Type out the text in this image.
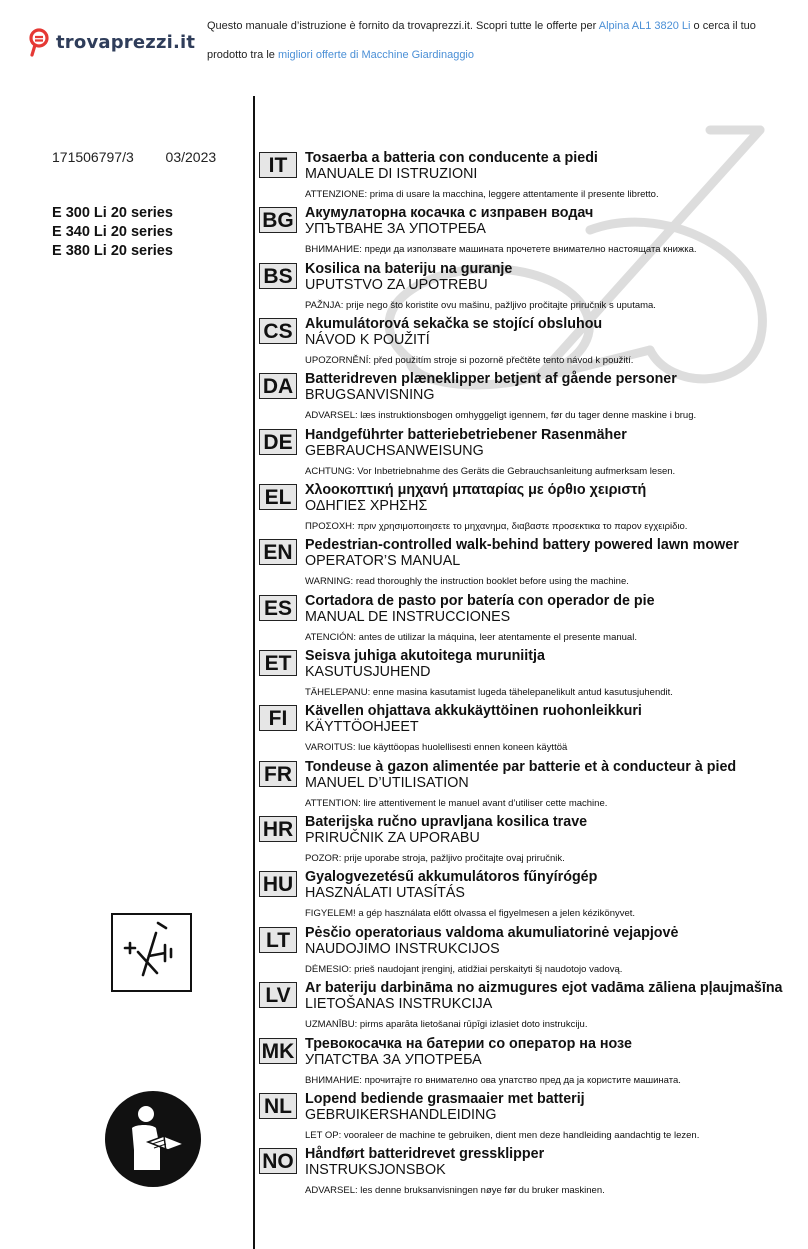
trovaprezzi.it
Questo manuale d’istruzione è fornito da trovaprezzi.it. Scopri tutte le offerte per Alpina AL1 3820 Li o cerca il tuo prodotto tra le migliori offerte di Macchine Giardinaggio
171506797/3 03/2023
E 300 Li 20 series
E 340 Li 20 series
E 380 Li 20 series
IT	Tosaerba a batteria con conducente a piedi
MANUALE DI ISTRUZIONI
ATTENZIONE: prima di usare la macchina, leggere attentamente il presente libretto.
BG Акумулаторна косачка с изправен водач
УПЪТВАНЕ ЗА УПОТРЕБА
ВНИМАНИЕ: преди да използвате машината прочетете внимателно настоящата книжка.
BS Kosilica na bateriju na guranje
UPUTSTVO ZA UPOTREBU
PAŽNJA: prije nego što koristite ovu mašinu, pažljivo pročitajte priručnik s uputama.
CS Akumulátorová sekačka se stojící obsluhou
NÁVOD K POUŽITÍ
UPOZORNĚNÍ: před použitím stroje si pozorně přečtěte tento návod k použití.
DA Batteridreven plæneklipper betjent af gående personer
BRUGSANVISNING
ADVARSEL: læs instruktionsbogen omhyggeligt igennem, før du tager denne maskine i brug.
DE Handgeführter batteriebetriebener Rasenmäher
GEBRAUCHSANWEISUNG
ACHTUNG: Vor Inbetriebnahme des Geräts die Gebrauchsanleitung aufmerksam lesen.
EL Χλοοκοπτική μηχανή μπαταρίας με όρθιο χειριστή
ΟΔΗΓΙΕΣ ΧΡΗΣΗΣ
ΠΡΟΣΟΧΗ: πριν χρησιμοποιησετε το μηχανημα, διαβαστε προσεκτικα το παρον εγχειρiδιο.
EN Pedestrian-controlled walk-behind battery powered lawn mower
OPERATOR’S MANUAL
WARNING: read thoroughly the instruction booklet before using the machine.
ES Cortadora de pasto por batería con operador de pie
MANUAL DE INSTRUCCIONES
ATENCIÓN: antes de utilizar la máquina, leer atentamente el presente manual.
ET Seisva juhiga akutoitega muruniitja
KASUTUSJUHEND
TÄHELEPANU: enne masina kasutamist lugeda tähelepanelikult antud kasutusjuhendit.
FI	Kävellen ohjattava akkukäyttöinen ruohonleikkuri
KÄYTTÖOHJEET
VAROITUS: lue käyttöopas huolellisesti ennen koneen käyttöä
FR Tondeuse à gazon alimentée par batterie et à conducteur à pied
MANUEL D’UTILISATION
ATTENTION: lire attentivement le manuel avant d’utiliser cette machine.
HR Baterijska ručno upravljana kosilica trave
PRIRUČNIK ZA UPORABU
POZOR: prije uporabe stroja, pažljivo pročitajte ovaj priručnik.
HU Gyalogvezetésű akkumulátoros fűnyírógép
HASZNÁLATI UTASÍTÁS
FIGYELEM! a gép használata előtt olvassa el figyelmesen a jelen kézikönyvet.
LT	Pėsčio operatoriaus valdoma akumuliatorinė vejapjovė
NAUDOJIMO INSTRUKCIJOS
DĖMESIO: prieš naudojant įrenginį, atidžiai perskaityti šį naudotojo vadovą.
LV	Ar bateriju darbināma no aizmugures ejot vadāma zāliena pļaujmašīna
LIETOŠANAS INSTRUKCIJA
UZMANĪBU: pirms aparāta lietošanai rūpīgi izlasiet doto instrukciju.
MK Тревокосачка на батерии со оператор на нозе
УПАТСТВА ЗА УПОТРЕБА
ВНИМАНИЕ: прочитајте го внимателно ова упатство пред да ја користите машината.
NL Lopend bediende grasmaaier met batterij
GEBRUIKERSHANDLEIDING
LET OP: vooraleer de machine te gebruiken, dient men deze handleiding aandachtig te lezen.
NO Håndført batteridrevet gressklipper
INSTRUKSJONSBOK
ADVARSEL: les denne bruksanvisningen nøye før du bruker maskinen.
